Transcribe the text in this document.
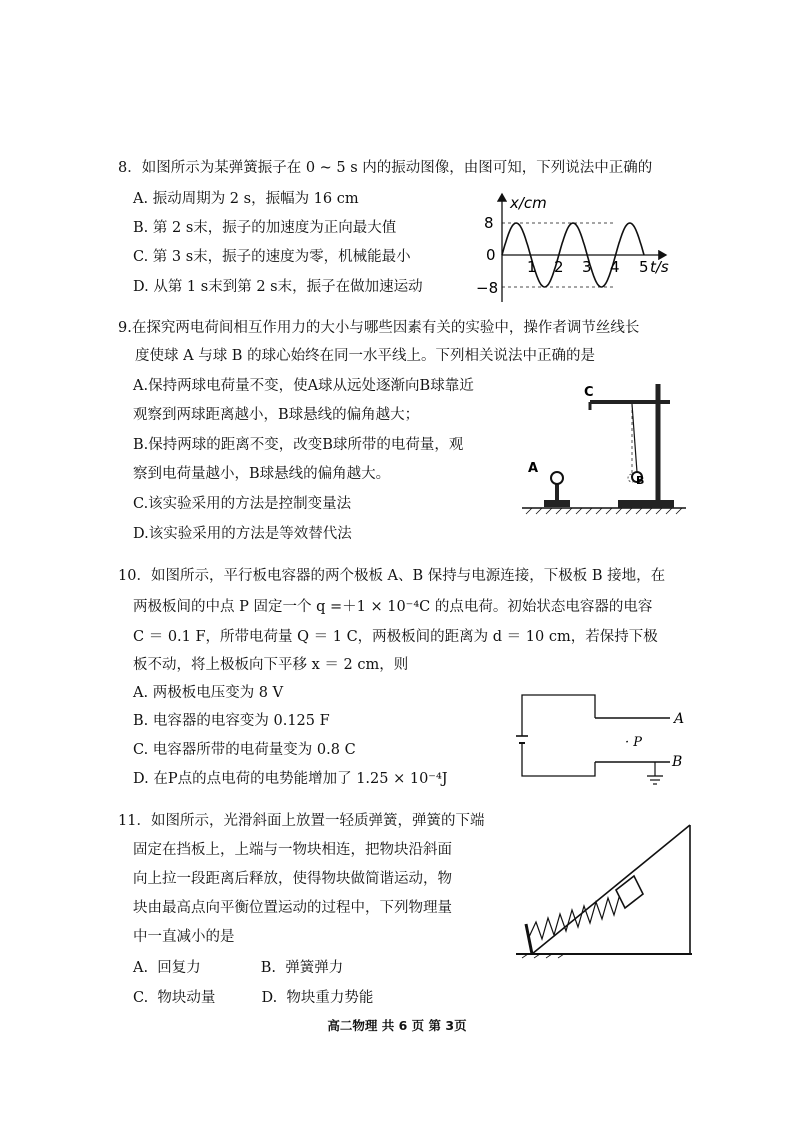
8．如图所示为某弹簧振子在 0 ~ 5 s 内的振动图像，由图可知，下列说法中正确的
A. 振动周期为 2 s，振幅为 16 cm
B. 第 2 s末，振子的加速度为正向最大值
C. 第 3 s末，振子的速度为零，机械能最小
D. 从第 1 s末到第 2 s末，振子在做加速运动
x/cm
t/s
8
0
−8
1 2 3 4 5
9.在探究两电荷间相互作用力的大小与哪些因素有关的实验中，操作者调节丝线长
度使球 A 与球 B 的球心始终在同一水平线上。下列相关说法中正确的是
A.保持两球电荷量不变，使A球从远处逐渐向B球靠近
观察到两球距离越小，B球悬线的偏角越大；
B.保持两球的距离不变，改变B球所带的电荷量，观
察到电荷量越小，B球悬线的偏角越大。
C.该实验采用的方法是控制变量法
D.该实验采用的方法是等效替代法
A
C
B
10．如图所示，平行板电容器的两个极板 A、B 保持与电源连接，下极板 B 接地，在
两极板间的中点 P 固定一个 q =＋1 × 10⁻⁴C 的点电荷。初始状态电容器的电容
C ＝ 0.1 F，所带电荷量 Q ＝ 1 C，两极板间的距离为 d ＝ 10 cm，若保持下极
板不动，将上极板向下平移 x ＝ 2 cm，则
A. 两极板电压变为 8 V
B. 电容器的电容变为 0.125 F
C. 电容器所带的电荷量变为 0.8 C
D. 在P点的点电荷的电势能增加了 1.25 × 10⁻⁴J
A
B
· P
11．如图所示，光滑斜面上放置一轻质弹簧，弹簧的下端
固定在挡板上，上端与一物块相连，把物块沿斜面
向上拉一段距离后释放，使得物块做简谐运动，物
块由最高点向平衡位置运动的过程中，下列物理量
中一直减小的是
A.  回复力             B.  弹簧弹力
C.  物块动量          D.  物块重力势能
高二物理 共 6 页 第 3页
